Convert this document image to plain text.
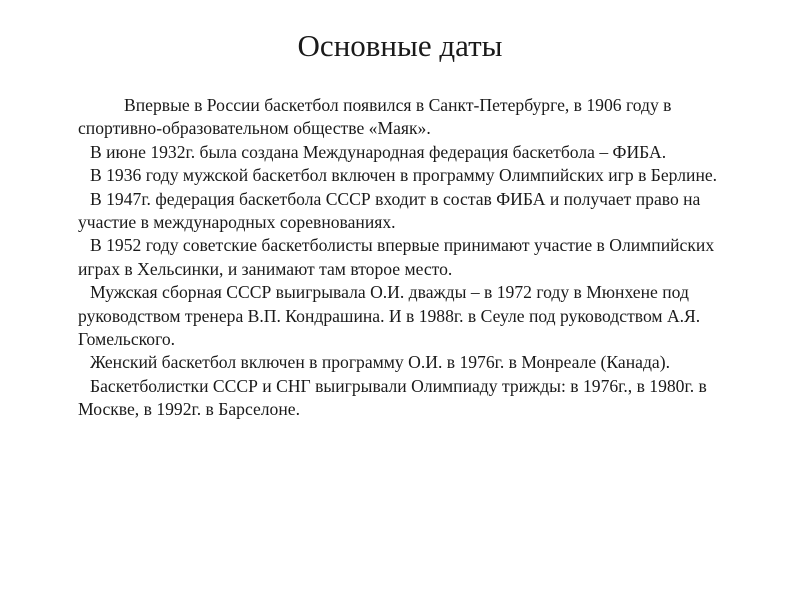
Основные даты

Впервые в России баскетбол появился в Санкт-Петербурге, в 1906 году в спортивно-образовательном обществе «Маяк».

В июне 1932г. была создана Международная федерация баскетбола – ФИБА.

В 1936 году мужской баскетбол включен в программу Олимпийских игр в Берлине.

В 1947г. федерация баскетбола СССР входит в состав ФИБА и получает право на участие в международных соревнованиях.

В 1952 году советские баскетболисты впервые принимают участие в Олимпийских играх в Хельсинки, и занимают там второе место.

Мужская сборная СССР выигрывала О.И. дважды – в 1972 году в Мюнхене под руководством тренера В.П. Кондрашина. И в 1988г. в Сеуле под руководством А.Я. Гомельского.

Женский баскетбол включен в программу О.И. в 1976г. в Монреале (Канада).

Баскетболистки СССР и СНГ выигрывали Олимпиаду трижды: в 1976г., в 1980г. в Москве, в 1992г. в Барселоне.
